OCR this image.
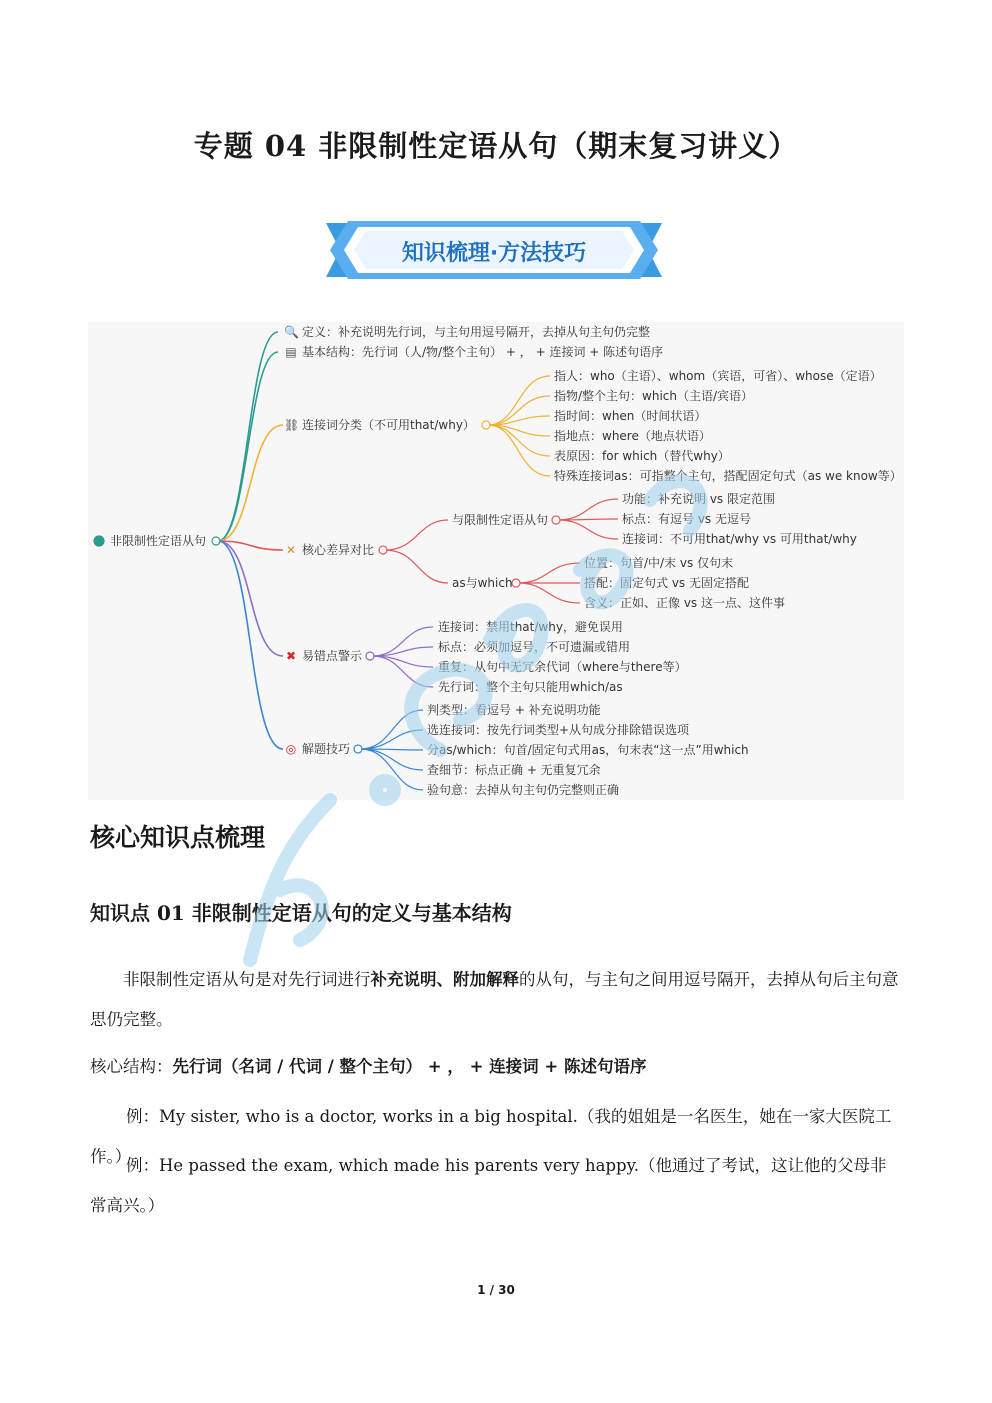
专题 04 非限制性定语从句（期末复习讲义）
知识梳理·方法技巧
非限制性定语从句
🔍 定义：补充说明先行词，与主句用逗号隔开，去掉从句主句仍完整
▤ 基本结构：先行词（人/物/整个主句） + ， + 连接词 + 陈述句语序
⛓ 连接词分类（不可用that/why）
指人：who（主语）、whom（宾语，可省）、whose（定语）
指物/整个主句：which（主语/宾语）
指时间：when（时间状语）
指地点：where（地点状语）
表原因：for which（替代why）
特殊连接词as：可指整个主句，搭配固定句式（as we know等）
✕ 核心差异对比
与限制性定语从句
功能：补充说明 vs 限定范围
标点：有逗号 vs 无逗号
连接词：不可用that/why vs 可用that/why
as与which
位置：句首/中/末 vs 仅句末
搭配：固定句式 vs 无固定搭配
含义：正如、正像 vs 这一点、这件事
✖ 易错点警示
连接词：禁用that/why，避免误用
标点：必须加逗号，不可遗漏或错用
重复：从句中无冗余代词（where与there等）
先行词：整个主句只能用which/as
◎ 解题技巧
判类型：看逗号 + 补充说明功能
选连接词：按先行词类型+从句成分排除错误选项
分as/which：句首/固定句式用as，句末表“这一点”用which
查细节：标点正确 + 无重复冗余
验句意：去掉从句主句仍完整则正确
核心知识点梳理
知识点 01 非限制性定语从句的定义与基本结构
非限制性定语从句是对先行词进行补充说明、附加解释的从句，与主句之间用逗号隔开，去掉从句后主句意思仍完整。
核心结构：先行词（名词 / 代词 / 整个主句） + ， + 连接词 + 陈述句语序
例：My sister, who is a doctor, works in a big hospital.（我的姐姐是一名医生，她在一家大医院工作。）
例：He passed the exam, which made his parents very happy.（他通过了考试，这让他的父母非常高兴。）
1 / 30
